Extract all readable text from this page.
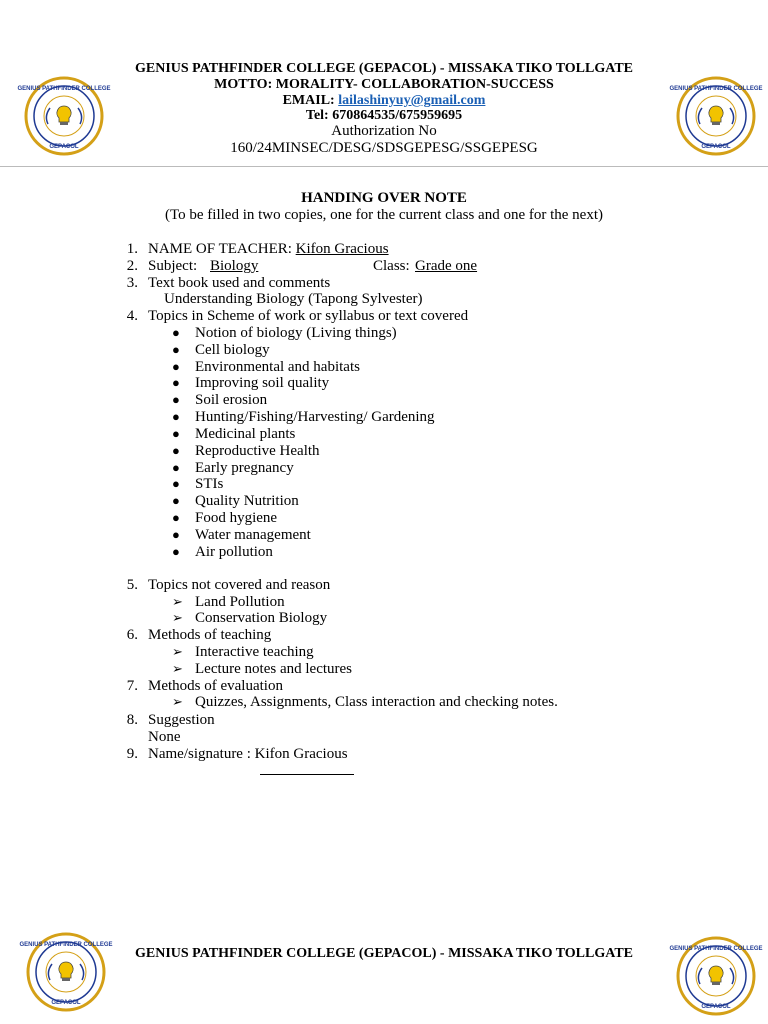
GENIUS PATHFINDER COLLEGE
GEPACOL
GENIUS PATHFINDER COLLEGE
GEPACOL
GENIUS PATHFINDER COLLEGE (GEPACOL) - MISSAKA TIKO TOLLGATE
MOTTO: MORALITY- COLLABORATION-SUCCESS
EMAIL: lailashinyuy@gmail.com
Tel: 670864535/675959695
Authorization No
160/24MINSEC/DESG/SDSGEPESG/SSGEPESG
HANDING OVER NOTE
(To be filled in two copies, one for the current class and one for the next)
1. NAME OF TEACHER: Kifon Gracious
2. Subject: Biology	Class: Grade one
3. Text book used and comments
Understanding Biology (Tapong Sylvester)
4. Topics in Scheme of work or syllabus or text covered
● Notion of biology (Living things)
● Cell biology
● Environmental and habitats
● Improving soil quality
● Soil erosion
● Hunting/Fishing/Harvesting/ Gardening
● Medicinal plants
● Reproductive Health
● Early pregnancy
● STIs
● Quality Nutrition
● Food hygiene
● Water management
● Air pollution
5. Topics not covered and reason
➢ Land Pollution
➢ Conservation Biology
6. Methods of teaching
➢ Interactive teaching
➢ Lecture notes and lectures
7. Methods of evaluation
➢ Quizzes, Assignments, Class interaction and checking notes.
8. Suggestion
None
9. Name/signature : Kifon Gracious
GENIUS PATHFINDER COLLEGE
GEPACOL
GENIUS PATHFINDER COLLEGE
GEPACOL
GENIUS PATHFINDER COLLEGE (GEPACOL) - MISSAKA TIKO TOLLGATE
